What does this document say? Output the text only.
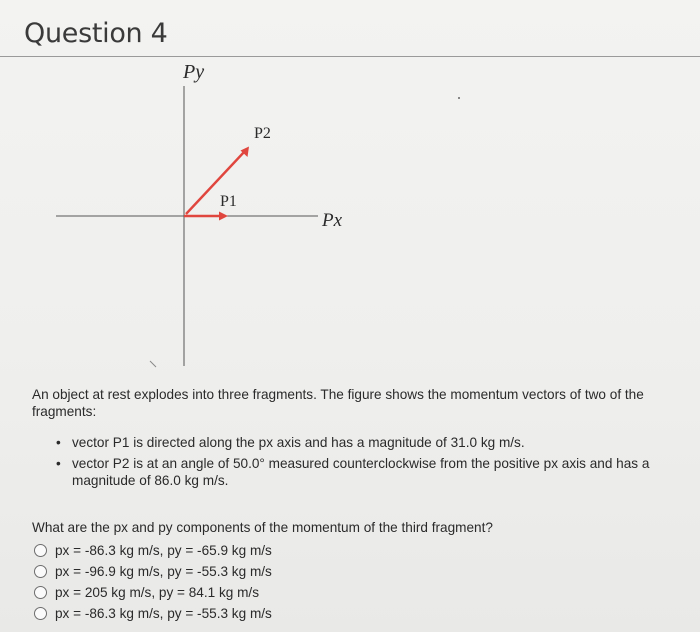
Question 4
Py
Px
P2
P1
An object at rest explodes into three fragments. The figure shows the momentum vectors of two of the fragments:
• vector P1 is directed along the px axis and has a magnitude of 31.0 kg m/s.
• vector P2 is at an angle of 50.0° measured counterclockwise from the positive px axis and has a magnitude of 86.0 kg m/s.
What are the px and py components of the momentum of the third fragment?
px = -86.3 kg m/s, py = -65.9 kg m/s
px = -96.9 kg m/s, py = -55.3 kg m/s
px = 205 kg m/s, py = 84.1 kg m/s
px = -86.3 kg m/s, py = -55.3 kg m/s
